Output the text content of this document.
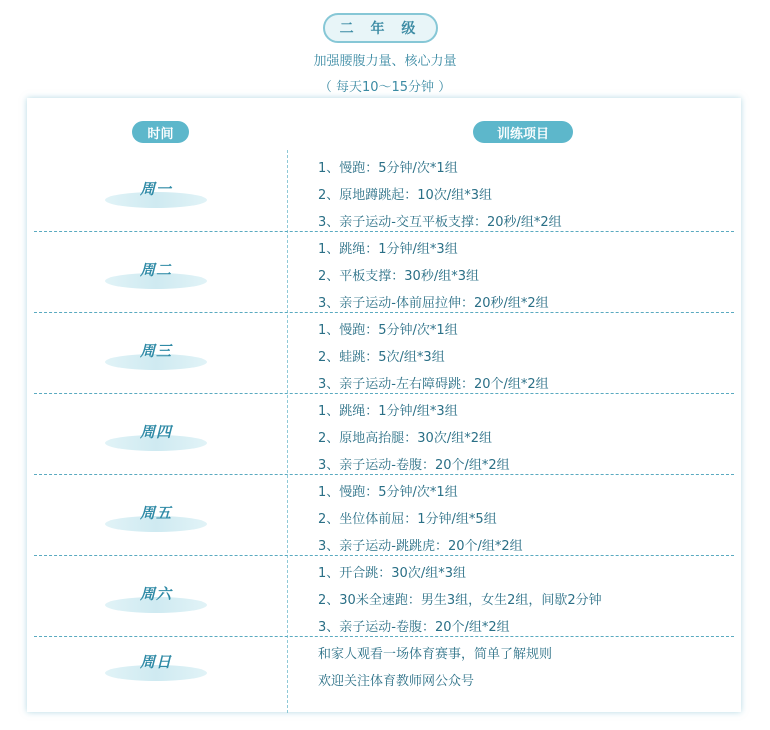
二 年 级
加强腰腹力量、核心力量
（ 每天10～15分钟 ）
时间	训练项目
周一
1、慢跑：5分钟/次*1组
2、原地蹲跳起：10次/组*3组
3、亲子运动-交互平板支撑：20秒/组*2组
周二
1、跳绳：1分钟/组*3组
2、平板支撑：30秒/组*3组
3、亲子运动-体前屈拉伸：20秒/组*2组
周三
1、慢跑：5分钟/次*1组
2、蛙跳：5次/组*3组
3、亲子运动-左右障碍跳：20个/组*2组
周四
1、跳绳：1分钟/组*3组
2、原地高抬腿：30次/组*2组
3、亲子运动-卷腹：20个/组*2组
周五
1、慢跑：5分钟/次*1组
2、坐位体前屈：1分钟/组*5组
3、亲子运动-跳跳虎：20个/组*2组
周六
1、开合跳：30次/组*3组
2、30米全速跑：男生3组，女生2组，间歇2分钟
3、亲子运动-卷腹：20个/组*2组
周日	和家人观看一场体育赛事，简单了解规则
欢迎关注体育教师网公众号
